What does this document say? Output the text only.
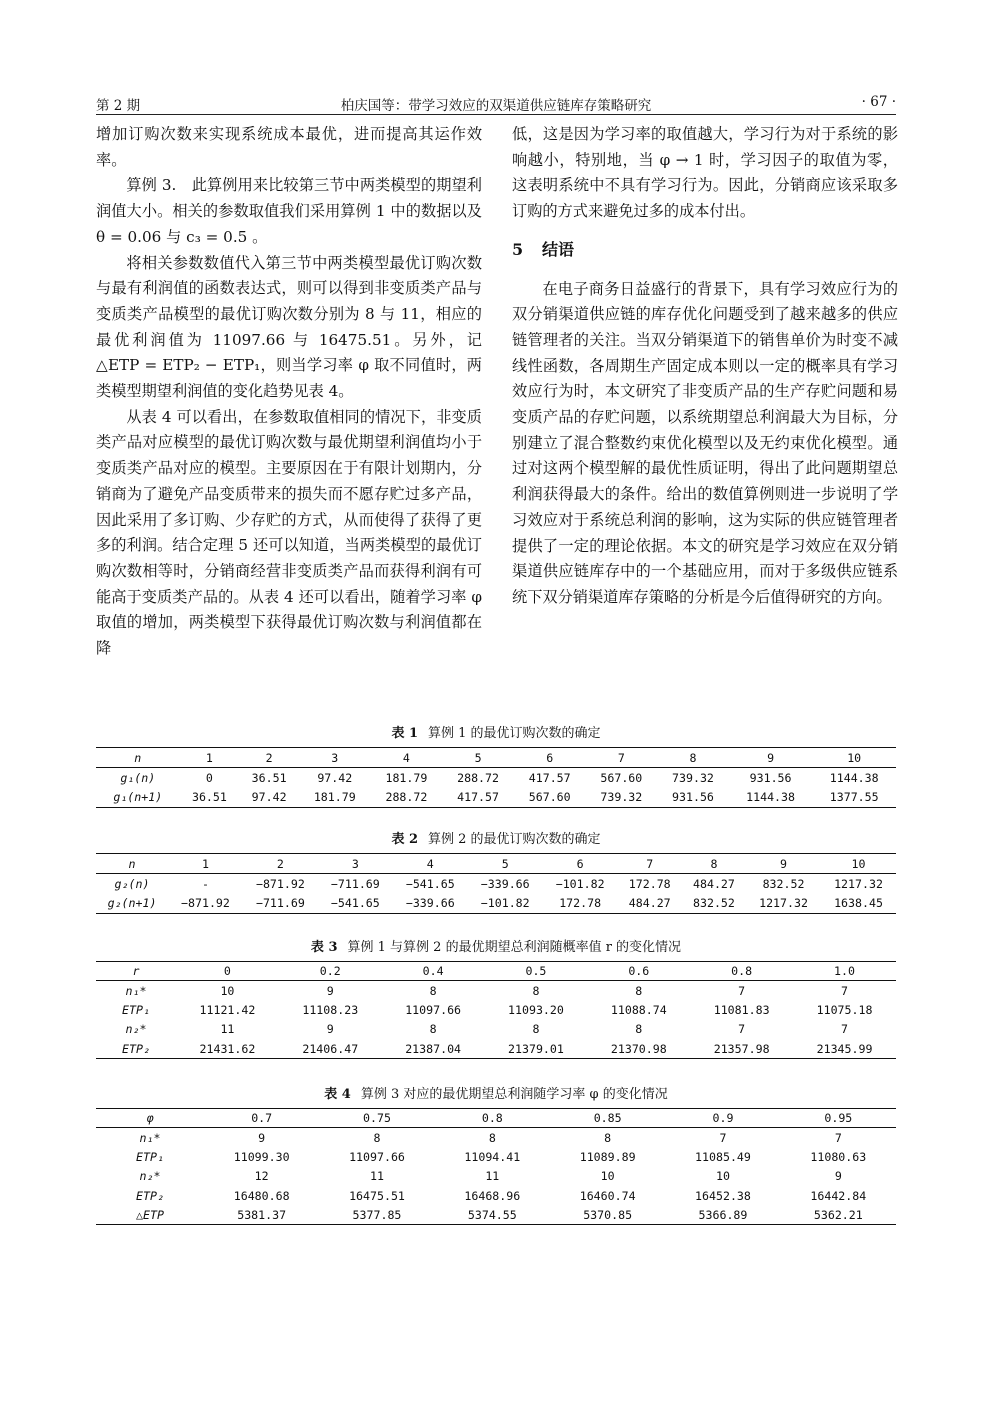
第 2 期	柏庆国等：带学习效应的双渠道供应链库存策略研究	· 67 ·

增加订购次数来实现系统成本最优，进而提高其运作效率。

算例 3.　此算例用来比较第三节中两类模型的期望利润值大小。相关的参数取值我们采用算例 1 中的数据以及 θ = 0.06 与 c₃ = 0.5 。

将相关参数数值代入第三节中两类模型最优订购次数与最有利润值的函数表达式，则可以得到非变质类产品与变质类产品模型的最优订购次数分别为 8 与 11，相应的最优利润值为 11097.66 与 16475.51。另外，记 △ETP = ETP₂ − ETP₁，则当学习率 φ 取不同值时，两类模型期望利润值的变化趋势见表 4。

从表 4 可以看出，在参数取值相同的情况下，非变质类产品对应模型的最优订购次数与最优期望利润值均小于变质类产品对应的模型。主要原因在于有限计划期内，分销商为了避免产品变质带来的损失而不愿存贮过多产品，因此采用了多订购、少存贮的方式，从而使得了获得了更多的利润。结合定理 5 还可以知道，当两类模型的最优订购次数相等时，分销商经营非变质类产品而获得利润有可能高于变质类产品的。从表 4 还可以看出，随着学习率 φ 取值的增加，两类模型下获得最优订购次数与利润值都在降

低，这是因为学习率的取值越大，学习行为对于系统的影响越小，特别地，当 φ → 1 时，学习因子的取值为零，这表明系统中不具有学习行为。因此，分销商应该采取多订购的方式来避免过多的成本付出。

5 结语

在电子商务日益盛行的背景下，具有学习效应行为的双分销渠道供应链的库存优化问题受到了越来越多的供应链管理者的关注。当双分销渠道下的销售单价为时变不减线性函数，各周期生产固定成本则以一定的概率具有学习效应行为时，本文研究了非变质产品的生产存贮问题和易变质产品的存贮问题，以系统期望总利润最大为目标，分别建立了混合整数约束优化模型以及无约束优化模型。通过对这两个模型解的最优性质证明，得出了此问题期望总利润获得最大的条件。给出的数值算例则进一步说明了学习效应对于系统总利润的影响，这为实际的供应链管理者提供了一定的理论依据。本文的研究是学习效应在双分销渠道供应链库存中的一个基础应用，而对于多级供应链系统下双分销渠道库存策略的分析是今后值得研究的方向。

表 1 算例 1 的最优订购次数的确定
n	1	2	3	4	5	6	7	8	9	10
g₁(n)	0	36.51	97.42	181.79	288.72	417.57	567.60	739.32	931.56	1144.38
g₁(n+1)	36.51	97.42	181.79	288.72	417.57	567.60	739.32	931.56	1144.38	1377.55
表 2 算例 2 的最优订购次数的确定
n	1	2	3	4	5	6	7	8	9	10
g₂(n)	-	−871.92	−711.69	−541.65	−339.66	−101.82	172.78	484.27	832.52	1217.32
g₂(n+1)	−871.92	−711.69	−541.65	−339.66	−101.82	172.78	484.27	832.52	1217.32	1638.45
表 3 算例 1 与算例 2 的最优期望总利润随概率值 r 的变化情况
r	0	0.2	0.4	0.5	0.6	0.8	1.0
n₁*	10	9	8	8	8	7	7
ETP₁	11121.42	11108.23	11097.66	11093.20	11088.74	11081.83	11075.18
n₂*	11	9	8	8	8	7	7
ETP₂	21431.62	21406.47	21387.04	21379.01	21370.98	21357.98	21345.99
表 4 算例 3 对应的最优期望总利润随学习率 φ 的变化情况
φ	0.7	0.75	0.8	0.85	0.9	0.95
n₁*	9	8	8	8	7	7
ETP₁	11099.30	11097.66	11094.41	11089.89	11085.49	11080.63
n₂*	12	11	11	10	10	9
ETP₂	16480.68	16475.51	16468.96	16460.74	16452.38	16442.84
△ETP	5381.37	5377.85	5374.55	5370.85	5366.89	5362.21
